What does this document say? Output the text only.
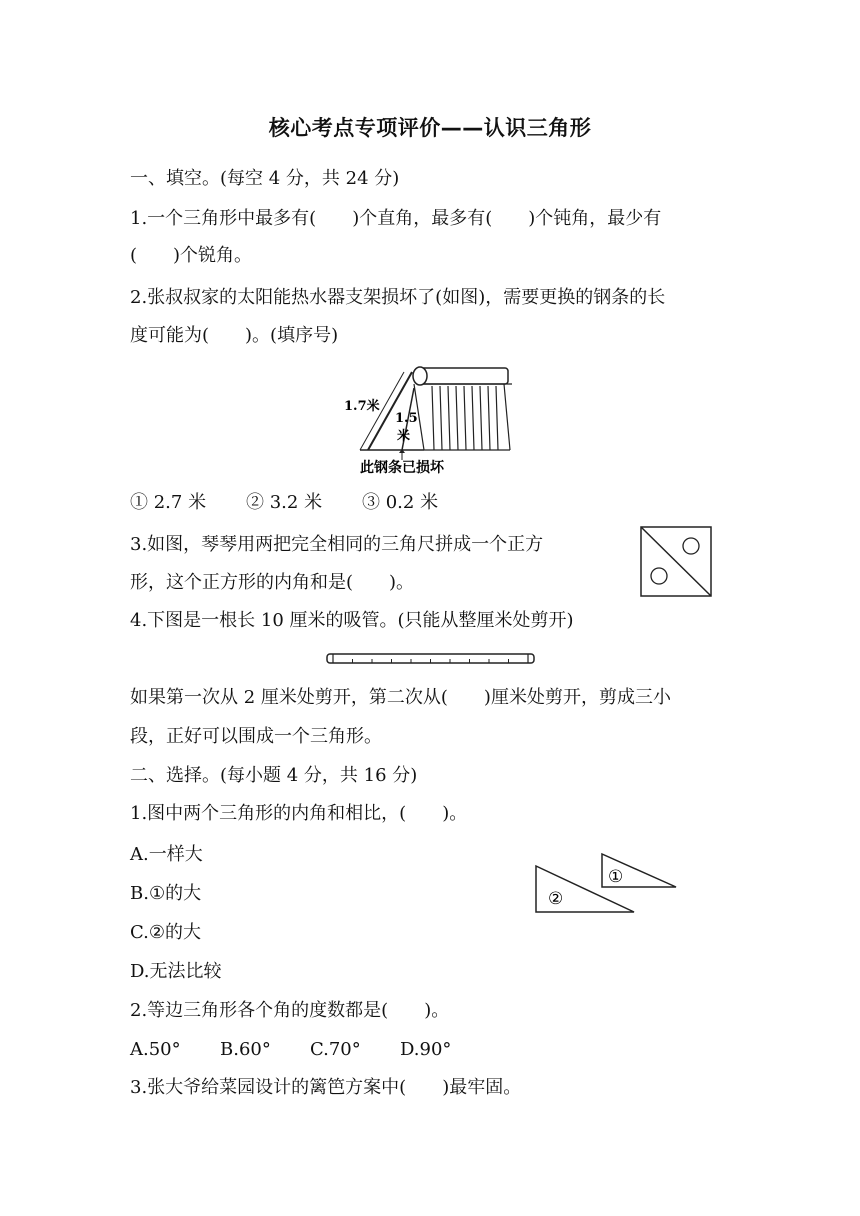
核心考点专项评价——认识三角形
一、填空。(每空 4 分，共 24 分)
1.一个三角形中最多有(　　)个直角，最多有(　　)个钝角，最少有
(　　)个锐角。
2.张叔叔家的太阳能热水器支架损坏了(如图)，需要更换的钢条的长
度可能为(　　)。(填序号)
1.7米
1.5
米
此钢条已损坏
① 2.7 米 ② 3.2 米 ③ 0.2 米
3.如图，琴琴用两把完全相同的三角尺拼成一个正方
形，这个正方形的内角和是(　　)。
4.下图是一根长 10 厘米的吸管。(只能从整厘米处剪开)
如果第一次从 2 厘米处剪开，第二次从(　　)厘米处剪开，剪成三小
段，正好可以围成一个三角形。
二、选择。(每小题 4 分，共 16 分)
1.图中两个三角形的内角和相比，(　　)。
A.一样大
B.①的大
C.②的大
D.无法比较
①
②
2.等边三角形各个角的度数都是(　　)。
A.50° B.60° C.70° D.90°
3.张大爷给菜园设计的篱笆方案中(　　)最牢固。
